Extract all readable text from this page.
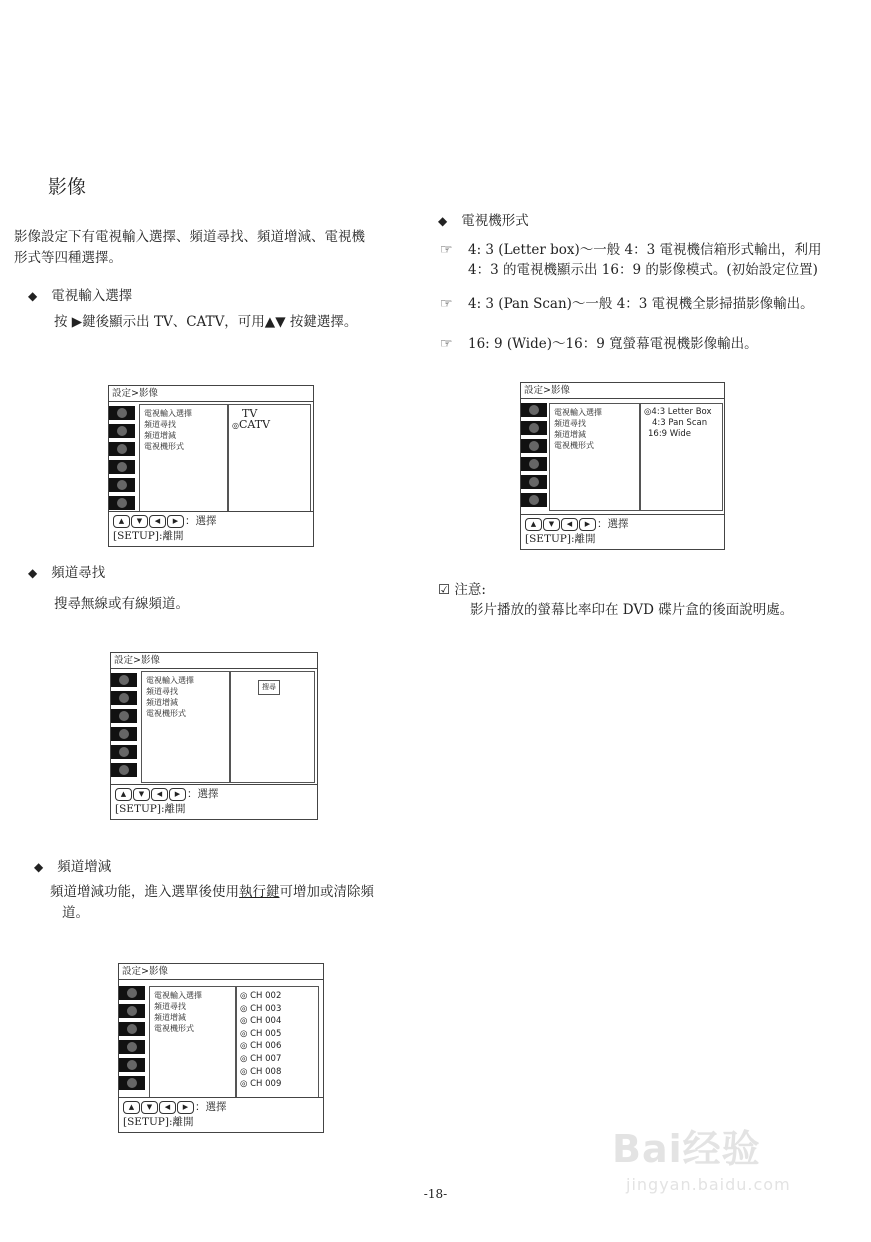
影像
影像設定下有電視輸入選擇、頻道尋找、頻道增減、電視機
形式等四種選擇。
◆ 電視輸入選擇
按 ▶鍵後顯示出 TV、CATV，可用▲▼ 按鍵選擇。
設定>影像
電視輸入選擇
頻道尋找
頻道增減
電視機形式
TV
◎CATV
▲ ▼ ◀ ▶ ：選擇
[SETUP]:離開
◆ 頻道尋找
搜尋無線或有線頻道。
設定>影像
電視輸入選擇
頻道尋找
頻道增減
電視機形式
搜尋
▲ ▼ ◀ ▶ ：選擇
[SETUP]:離開
◆ 頻道增減
頻道增減功能，進入選單後使用執行鍵可增加或清除頻
道。
設定>影像
電視輸入選擇
頻道尋找
頻道增減
電視機形式
◎ CH 002
◎ CH 003
◎ CH 004
◎ CH 005
◎ CH 006
◎ CH 007
◎ CH 008
◎ CH 009
▲ ▼ ◀ ▶ ：選擇
[SETUP]:離開
◆ 電視機形式
☞ 4: 3 (Letter box)～一般 4：3 電視機信箱形式輸出，利用
4：3 的電視機顯示出 16：9 的影像模式。(初始設定位置)
☞ 4: 3 (Pan Scan)～一般 4：3 電視機全影掃描影像輸出。
☞ 16: 9 (Wide)～16：9 寬螢幕電視機影像輸出。
設定>影像
電視輸入選擇
頻道尋找
頻道增減
電視機形式
◎4:3 Letter Box
4:3 Pan Scan
16:9 Wide
▲ ▼ ◀ ▶ ：選擇
[SETUP]:離開
☑ 注意:
影片播放的螢幕比率印在 DVD 碟片盒的後面說明處。
-18-
Bai经验
jingyan.baidu.com
